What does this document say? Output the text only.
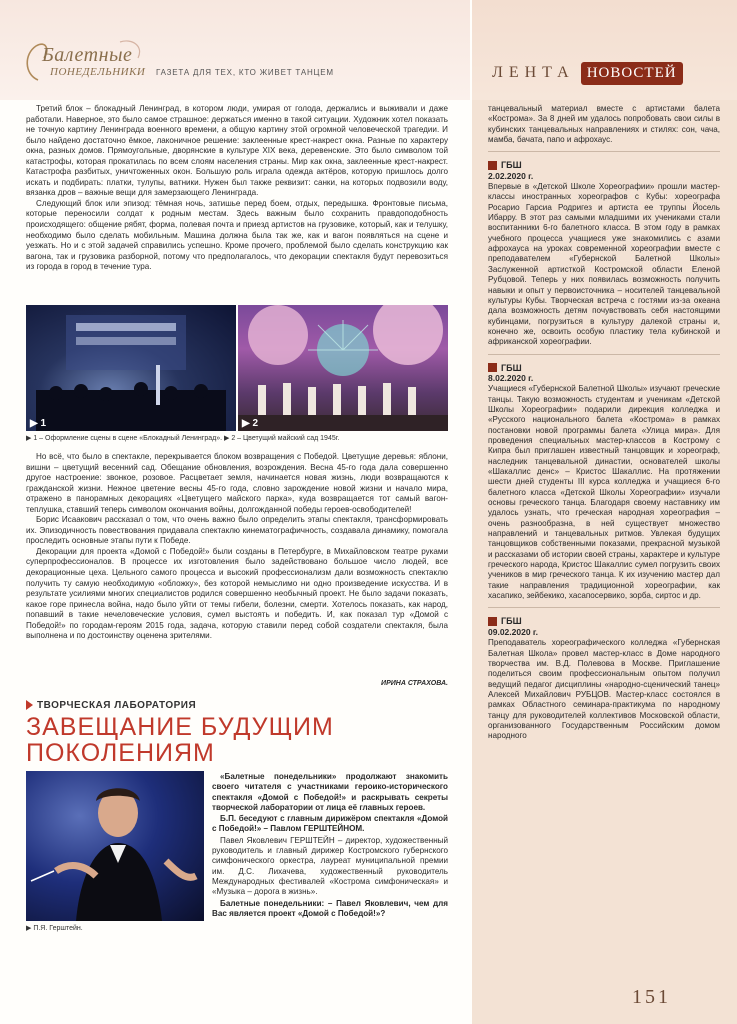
Балетные
ПОНЕДЕЛЬНИКИ ГАЗЕТА ДЛЯ ТЕХ, КТО ЖИВЕТ ТАНЦЕМ	ЛЕНТА НОВОСТЕЙ

Третий блок – блокадный Ленинград, в котором люди, умирая от голода, держались и выживали и даже работали. Наверное, это было самое страшное: держаться именно в такой ситуации. Художник хотел показать не точную картину Ленинграда военного времени, а общую картину этой огромной человеческой трагедии. И было найдено достаточно ёмкое, лаконичное решение: заклеенные крест-накрест окна. Разные по характеру окна, разных домов. Прямоугольные, дворянские в культуре XIX века, деревенские. Это было символом той катастрофы, которая прокатилась по всем слоям населения страны. Мир как окна, заклеенные крест-накрест. Катастрофа разбитых, уничтоженных окон. Большую роль играла одежда актёров, которую пришлось долго искать и подбирать: платки, тулупы, ватники. Нужен был также реквизит: санки, на которых подвозили воду, вязанка дров – важные вещи для замерзающего Ленинграда.

Следующий блок или эпизод: тёмная ночь, затишье перед боем, отдых, передышка. Фронтовые письма, которые переносили солдат к родным местам. Здесь важным было сохранить правдоподобность происходящего: общение рябят, форма, полевая почта и приезд артистов на грузовике, который, как и телушку, необходимо было сделать мобильным. Машина должна была так же, как и вагон появляться на сцене и уезжать. Но и с этой задачей справились успешно. Кроме прочего, проблемой было сделать конструкцию как вагона, так и грузовика разборной, потому что предполагалось, что декорации спектакля будут перевозиться из города в город в течение тура.

▶ 1	▶ 2
▶ 1 – Оформление сцены в сцене «Блокадный Ленинград». ▶ 2 – Цветущий майский сад 1945г.

Но всё, что было в спектакле, перекрывается блоком возвращения с Победой. Цветущие деревья: яблони, вишни – цветущий весенний сад. Обещание обновления, возрождения. Весна 45-го года дала совершенно другое настроение: звонкое, розовое. Расцветает земля, начинается новая жизнь, люди возвращаются к гражданской жизни. Нежное цветение весны 45-го года, словно зарождение новой жизни и начало мира, отражено в панорамных декорациях «Цветущего майского парка», куда возвращается тот самый вагон-теплушка, ставший теперь символом окончания войны, долгожданной победы героев-освободителей!

Борис Исаакович рассказал о том, что очень важно было определить этапы спектакля, трансформировать их. Эпизодичность повествования придавала спектаклю кинематографичность, создавала динамику, помогала проследить основные этапы пути к Победе.

Декорации для проекта «Домой с Победой!» были созданы в Петербурге, в Михайловском театре руками суперпрофессионалов. В процессе их изготовления было задействовано большое число людей, все декорационные цеха. Цельного самого процесса и высокий профессионализм дали возможность спектаклю получить ту самую необходимую «обложку», без которой немыслимо ни одно произведение искусства. И в результате усилиями многих специалистов родился совершенно необычный проект. Не было задачи показать, какое горе принесла война, надо было уйти от темы гибели, болезни, смерти. Хотелось показать, как народ, попавший в такие нечеловеческие условия, сумел выстоять и победить. И, как показал тур «Домой с Победой!» по городам-героям 2015 года, задача, которую ставили перед собой создатели спектакля, была выполнена и по достоинству оценена зрителями.

ИРИНА СТРАХОВА.
ТВОРЧЕСКАЯ ЛАБОРАТОРИЯ
ЗАВЕЩАНИЕ БУДУЩИМ ПОКОЛЕНИЯМ
▶ П.Я. Герштейн.

«Балетные понедельники» продолжают знакомить своего читателя с участниками героико-исторического спектакля «Домой с Победой!» и раскрывать секреты творческой лаборатории от лица её главных героев.

Б.П. беседуют с главным дирижёром спектакля «Домой с Победой!» – Павлом ГЕРШТЕЙНОМ.

Павел Яковлевич ГЕРШТЕЙН – директор, художественный руководитель и главный дирижер Костромского губернского симфонического оркестра, лауреат муниципальной премии им. Д.С. Лихачева, художественный руководитель Международных фестивалей «Кострома симфоническая» и «Музыка – дорога в жизнь».

Балетные понедельники: – Павел Яковлевич, чем для Вас является проект «Домой с Победой!»?

танцевальный материал вместе с артистами балета «Кострома». За 8 дней им удалось попробовать свои силы в кубинских танцевальных направлениях и стилях: сон, чача, мамба, бачата, папо и афрохаус.

ГБШ
2.02.2020 г.

Впервые в «Детской Школе Хореографии» прошли мастер-классы иностранных хореографов с Кубы: хореографа Росарио Гарсиа Родригез и артиста ее труппы Йосель Ибарру. В этот раз самыми младшими их учениками стали воспитанники 6-го балетного класса. В этом году в рамках учебного процесса учащиеся уже знакомились с азами афрохауса на уроках современной хореографии вместе с преподавателем «Губернской Балетной Школы» Заслуженной артисткой Костромской области Еленой Рубцовой. Теперь у них появилась возможность получить навыки и опыт у первоисточника – носителей танцевальной культуры Кубы. Творческая встреча с гостями из-за океана дала возможность детям почувствовать себя настоящими кубинцами, погрузиться в культуру далекой страны и, конечно же, освоить особую пластику тела кубинской и африканской хореографии.

ГБШ
8.02.2020 г.

Учащиеся «Губернской Балетной Школы» изучают греческие танцы. Такую возможность студентам и ученикам «Детской Школы Хореографии» подарили дирекция колледжа и «Русского национального балета «Кострома» в рамках постановки новой программы балета «Улица мира». Для проведения специальных мастер-классов в Кострому с Кипра был приглашен известный танцовщик и хореограф, наследник танцевальной династии, основателей школы «Шакаллис денс» – Кристос Шакаллис. На протяжении шести дней студенты III курса колледжа и учащиеся 6-го балетного класса «Детской Школы Хореографии» изучали основы греческого танца. Благодаря своему наставнику им удалось узнать, что греческая народная хореография – очень разнообразна, в ней существует множество направлений и танцевальных ритмов. Увлекая будущих танцовщиков собственными показами, прекрасной музыкой и рассказами об истории своей страны, характере и культуре греческого народа, Кристос Шакаллис сумел погрузить своих учеников в мир греческого танца. К их изучению мастер дал такие направления традиционной хореографии, как хасапико, зейбекико, хасапосервико, зорба, сиртос и др.

ГБШ
09.02.2020 г.

Преподаватель хореографического колледжа «Губернская Балетная Школа» провел мастер-класс в Доме народного творчества им. В.Д. Полевова в Москве. Приглашение поделиться своим профессиональным опытом получил ведущий педагог дисциплины «народно-сценический танец» Алексей Михайлович РУБЦОВ. Мастер-класс состоялся в рамках Областного семинара-практикума по народному танцу для руководителей коллективов Московской области, организованного Государственным Российским домом народного

151
